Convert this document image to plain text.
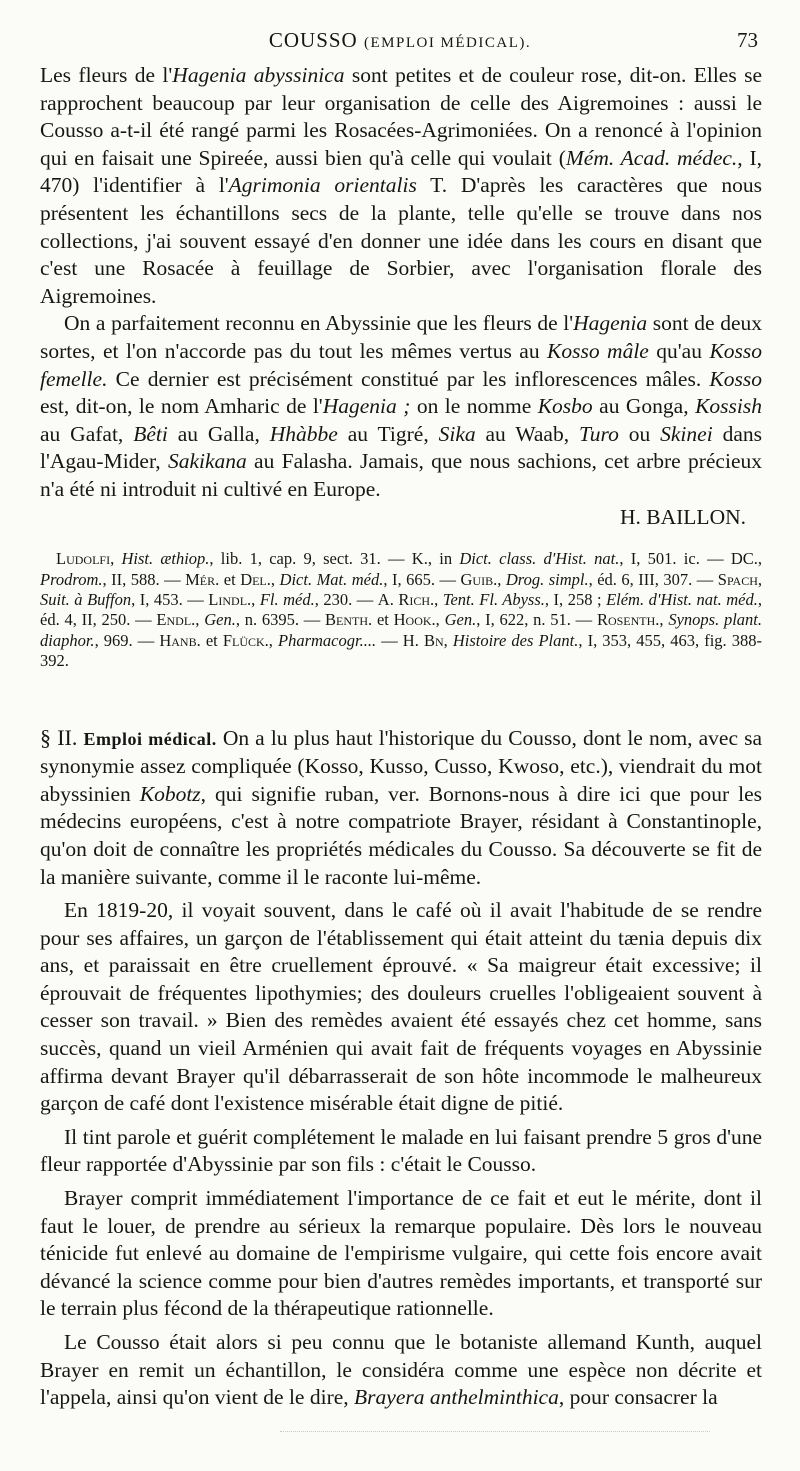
COUSSO (EMPLOI MÉDICAL).	73

Les fleurs de l'Hagenia abyssinica sont petites et de couleur rose, dit-on. Elles se rapprochent beaucoup par leur organisation de celle des Aigremoines : aussi le Cousso a-t-il été rangé parmi les Rosacées-Agrimoniées. On a renoncé à l'opinion qui en faisait une Spireée, aussi bien qu'à celle qui voulait (Mém. Acad. médec., I, 470) l'identifier à l'Agrimonia orientalis T. D'après les caractères que nous présentent les échantillons secs de la plante, telle qu'elle se trouve dans nos collections, j'ai souvent essayé d'en donner une idée dans les cours en disant que c'est une Rosacée à feuillage de Sorbier, avec l'organisation florale des Aigremoines.

On a parfaitement reconnu en Abyssinie que les fleurs de l'Hagenia sont de deux sortes, et l'on n'accorde pas du tout les mêmes vertus au Kosso mâle qu'au Kosso femelle. Ce dernier est précisément constitué par les inflorescences mâles. Kosso est, dit-on, le nom Amharic de l'Hagenia ; on le nomme Kosbo au Gonga, Kossish au Gafat, Bêti au Galla, Hhàbbe au Tigré, Sika au Waab, Turo ou Skinei dans l'Agau-Mider, Sakikana au Falasha. Jamais, que nous sachions, cet arbre précieux n'a été ni introduit ni cultivé en Europe.

H. BAILLON.

Ludolfi, Hist. æthiop., lib. 1, cap. 9, sect. 31. — K., in Dict. class. d'Hist. nat., I, 501. ic. — DC., Prodrom., II, 588. — Mér. et Del., Dict. Mat. méd., I, 665. — Guib., Drog. simpl., éd. 6, III, 307. — Spach, Suit. à Buffon, I, 453. — Lindl., Fl. méd., 230. — A. Rich., Tent. Fl. Abyss., I, 258 ; Elém. d'Hist. nat. méd., éd. 4, II, 250. — Endl., Gen., n. 6395. — Benth. et Hook., Gen., I, 622, n. 51. — Rosenth., Synops. plant. diaphor., 969. — Hanb. et Flück., Pharmacogr.... — H. Bn, Histoire des Plant., I, 353, 455, 463, fig. 388-392.

§ II. Emploi médical. On a lu plus haut l'historique du Cousso, dont le nom, avec sa synonymie assez compliquée (Kosso, Kusso, Cusso, Kwoso, etc.), viendrait du mot abyssinien Kobotz, qui signifie ruban, ver. Bornons-nous à dire ici que pour les médecins européens, c'est à notre compatriote Brayer, résidant à Constantinople, qu'on doit de connaître les propriétés médicales du Cousso. Sa découverte se fit de la manière suivante, comme il le raconte lui-même.

En 1819-20, il voyait souvent, dans le café où il avait l'habitude de se rendre pour ses affaires, un garçon de l'établissement qui était atteint du tænia depuis dix ans, et paraissait en être cruellement éprouvé. « Sa maigreur était excessive; il éprouvait de fréquentes lipothymies; des douleurs cruelles l'obligeaient souvent à cesser son travail. » Bien des remèdes avaient été essayés chez cet homme, sans succès, quand un vieil Arménien qui avait fait de fréquents voyages en Abyssinie affirma devant Brayer qu'il débarrasserait de son hôte incommode le malheureux garçon de café dont l'existence misérable était digne de pitié.

Il tint parole et guérit complétement le malade en lui faisant prendre 5 gros d'une fleur rapportée d'Abyssinie par son fils : c'était le Cousso.

Brayer comprit immédiatement l'importance de ce fait et eut le mérite, dont il faut le louer, de prendre au sérieux la remarque populaire. Dès lors le nouveau ténicide fut enlevé au domaine de l'empirisme vulgaire, qui cette fois encore avait dévancé la science comme pour bien d'autres remèdes importants, et transporté sur le terrain plus fécond de la thérapeutique rationnelle.

Le Cousso était alors si peu connu que le botaniste allemand Kunth, auquel Brayer en remit un échantillon, le considéra comme une espèce non décrite et l'appela, ainsi qu'on vient de le dire, Brayera anthelminthica, pour consacrer la
